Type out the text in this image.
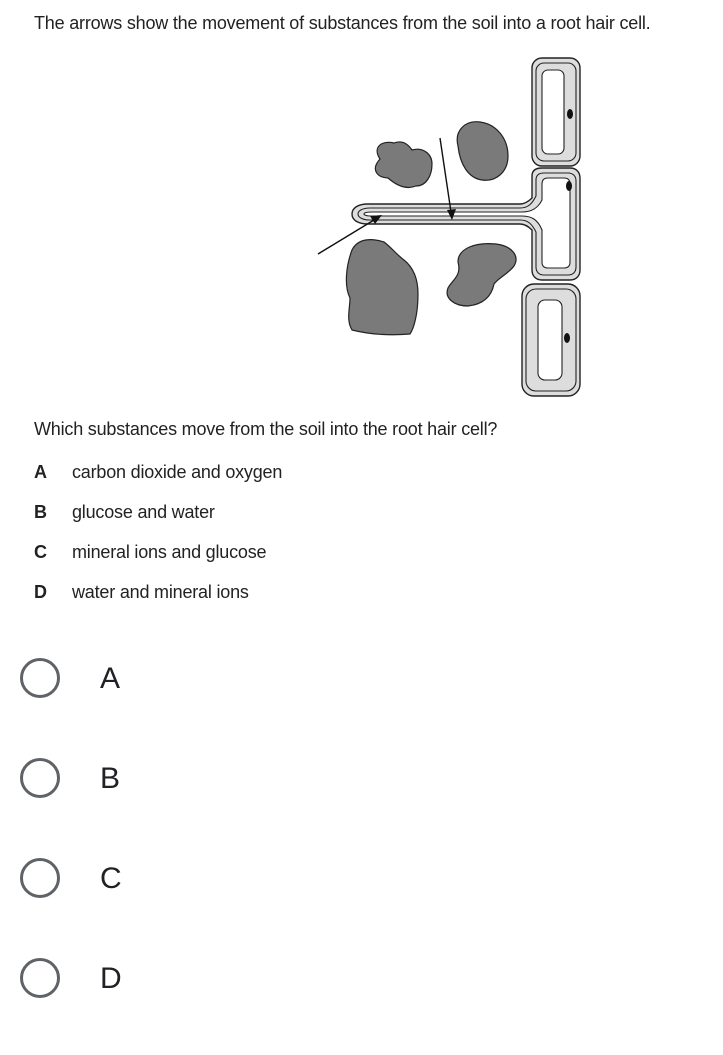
The arrows show the movement of substances from the soil into a root hair cell.

Which substances move from the soil into the root hair cell?

A	carbon dioxide and oxygen
B	glucose and water
C	mineral ions and glucose
D	water and mineral ions
A
B
C
D
